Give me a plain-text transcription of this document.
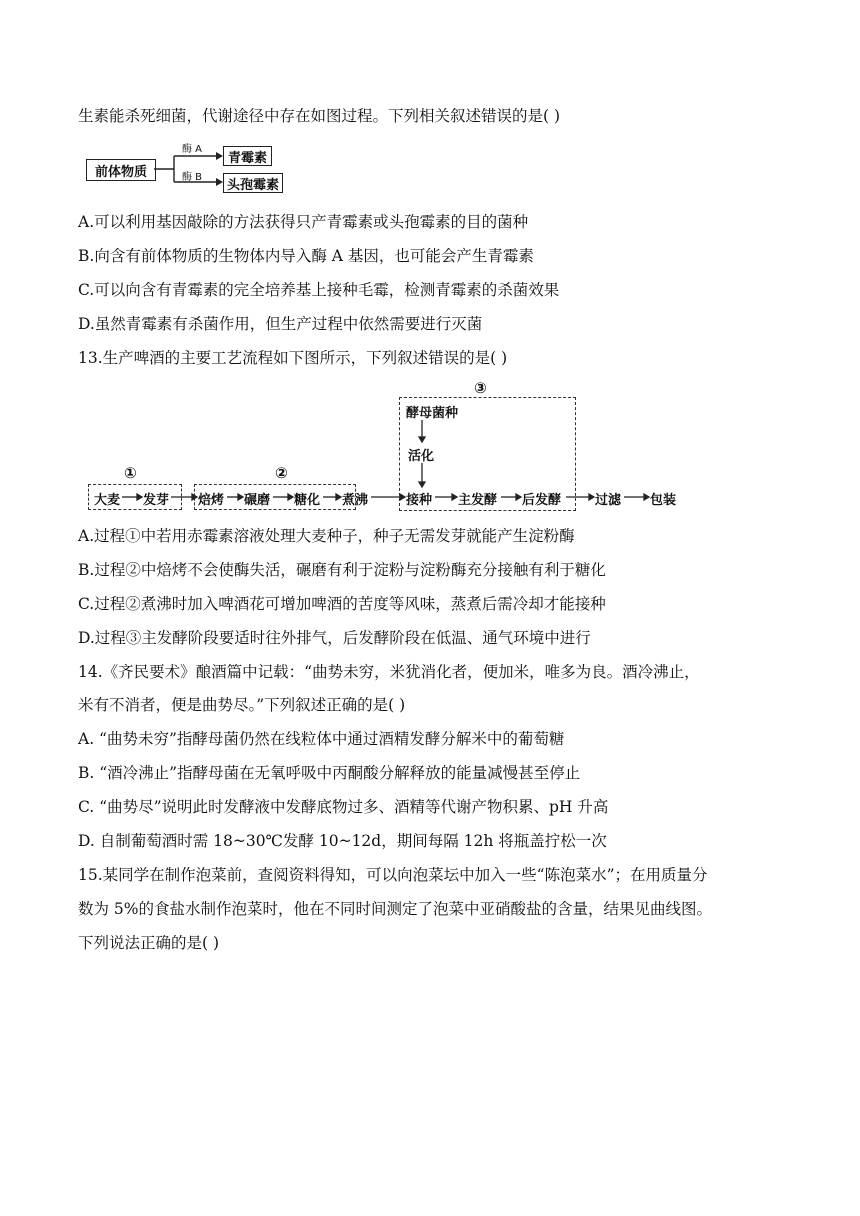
生素能杀死细菌，代谢途径中存在如图过程。下列相关叙述错误的是( )
前体物质
酶 A
酶 B
青霉素
头孢霉素
A.可以利用基因敲除的方法获得只产青霉素或头孢霉素的目的菌种
B.向含有前体物质的生物体内导入酶 A 基因，也可能会产生青霉素
C.可以向含有青霉素的完全培养基上接种毛霉，检测青霉素的杀菌效果
D.虽然青霉素有杀菌作用，但生产过程中依然需要进行灭菌
13.生产啤酒的主要工艺流程如下图所示，下列叙述错误的是( )
①	②
③
酵母菌种
活化
大麦 发芽 焙烤 碾磨 糖化 煮沸	接种 主发酵 后发酵	过滤 包装
A.过程①中若用赤霉素溶液处理大麦种子，种子无需发芽就能产生淀粉酶
B.过程②中焙烤不会使酶失活，碾磨有利于淀粉与淀粉酶充分接触有利于糖化
C.过程②煮沸时加入啤酒花可增加啤酒的苦度等风味，蒸煮后需冷却才能接种
D.过程③主发酵阶段要适时往外排气，后发酵阶段在低温、通气环境中进行
14.《齐民要术》酿酒篇中记载：“曲势未穷，米犹消化者，便加米，唯多为良。酒冷沸止，
米有不消者，便是曲势尽。”下列叙述正确的是( )
A. “曲势未穷”指酵母菌仍然在线粒体中通过酒精发酵分解米中的葡萄糖
B. “酒冷沸止”指酵母菌在无氧呼吸中丙酮酸分解释放的能量减慢甚至停止
C. “曲势尽”说明此时发酵液中发酵底物过多、酒精等代谢产物积累、pH 升高
D. 自制葡萄酒时需 18~30℃发酵 10~12d，期间每隔 12h 将瓶盖拧松一次
15.某同学在制作泡菜前，查阅资料得知，可以向泡菜坛中加入一些“陈泡菜水”；在用质量分
数为 5%的食盐水制作泡菜时，他在不同时间测定了泡菜中亚硝酸盐的含量，结果见曲线图。
下列说法正确的是( )
